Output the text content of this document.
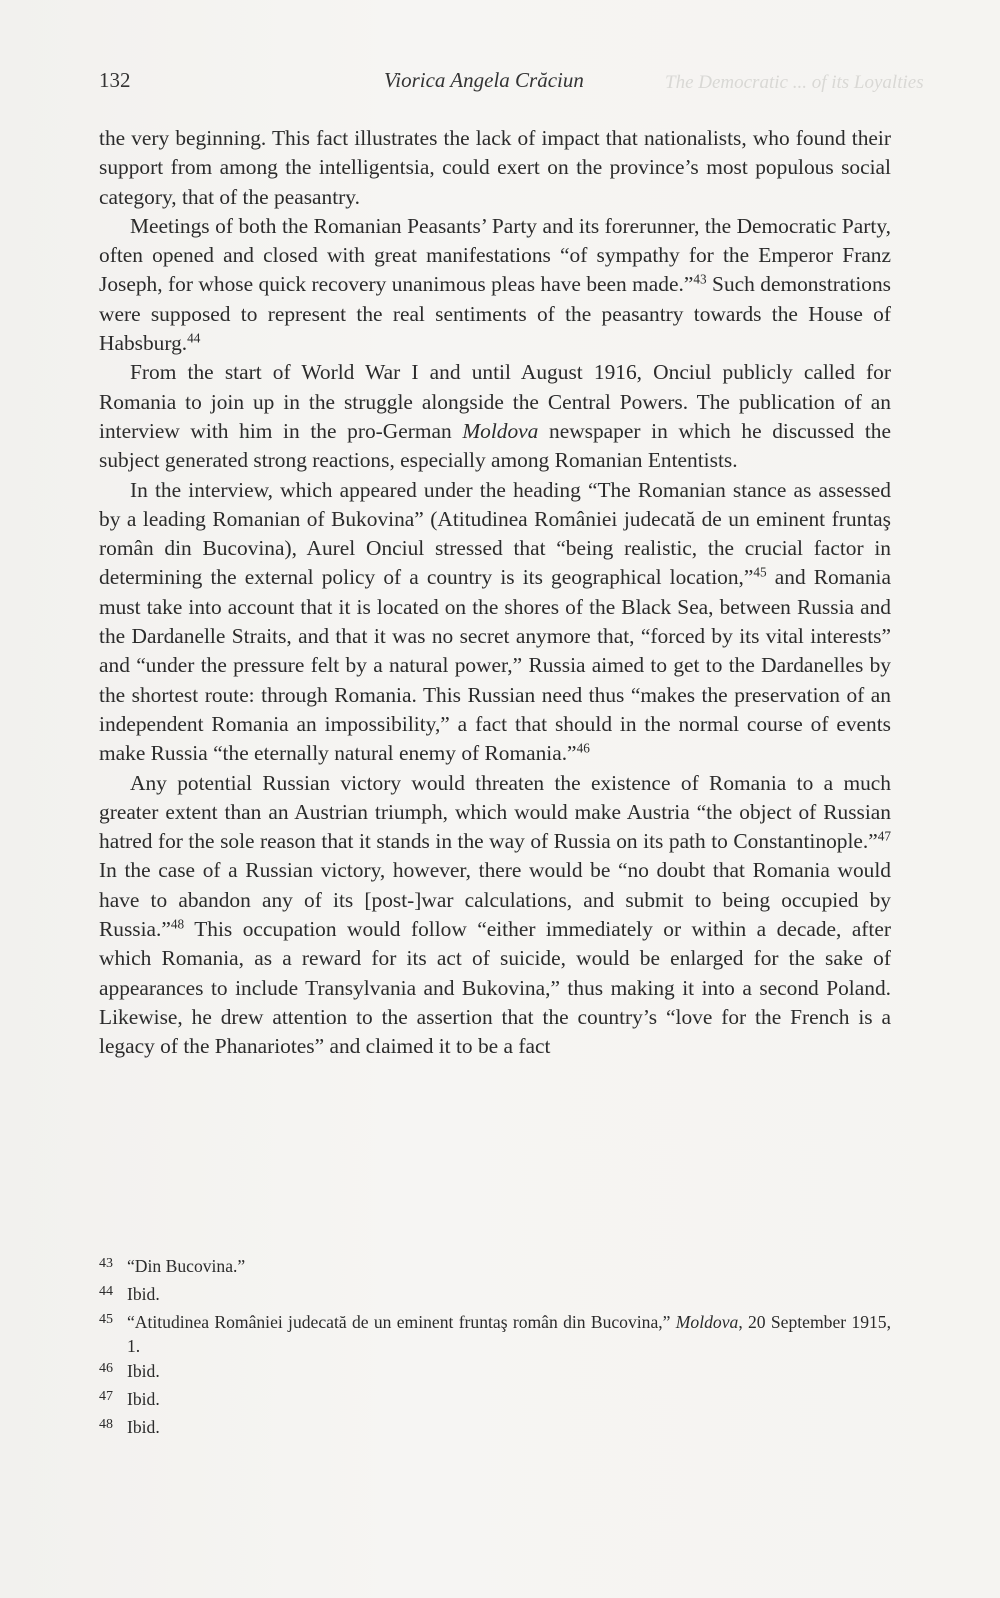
The Democratic ... of its Loyalties
132	Viorica Angela Crăciun

the very beginning. This fact illustrates the lack of impact that nationalists, who found their support from among the intelligentsia, could exert on the province’s most populous social category, that of the peasantry.

Meetings of both the Romanian Peasants’ Party and its forerunner, the Democratic Party, often opened and closed with great manifestations “of sympathy for the Emperor Franz Joseph, for whose quick recovery unanimous pleas have been made.”$^{43}$ Such demonstrations were supposed to represent the real sentiments of the peasantry towards the House of Habsburg.$^{44}$

From the start of World War I and until August 1916, Onciul publicly called for Romania to join up in the struggle alongside the Central Powers. The publication of an interview with him in the pro-German Moldova newspaper in which he discussed the subject generated strong reactions, especially among Romanian Ententists.

In the interview, which appeared under the heading “The Romanian stance as assessed by a leading Romanian of Bukovina” (Atitudinea României judecată de un eminent fruntaş român din Bucovina), Aurel Onciul stressed that “being realistic, the crucial factor in determining the external policy of a country is its geographical location,”$^{45}$ and Romania must take into account that it is located on the shores of the Black Sea, between Russia and the Dardanelle Straits, and that it was no secret anymore that, “forced by its vital interests” and “under the pressure felt by a natural power,” Russia aimed to get to the Dardanelles by the shortest route: through Romania. This Russian need thus “makes the preservation of an independent Romania an impossibility,” a fact that should in the normal course of events make Russia “the eternally natural enemy of Romania.”$^{46}$

Any potential Russian victory would threaten the existence of Romania to a much greater extent than an Austrian triumph, which would make Austria “the object of Russian hatred for the sole reason that it stands in the way of Russia on its path to Constantinople.”$^{47}$ In the case of a Russian victory, however, there would be “no doubt that Romania would have to abandon any of its [post-]war calculations, and submit to being occupied by Russia.”$^{48}$ This occupation would follow “either immediately or within a decade, after which Romania, as a reward for its act of suicide, would be enlarged for the sake of appearances to include Transylvania and Bukovina,” thus making it into a second Poland. Likewise, he drew attention to the assertion that the country’s “love for the French is a legacy of the Phanariotes” and claimed it to be a fact

43 “Din Bucovina.”
44 Ibid.
45 “Atitudinea României judecată de un eminent fruntaş român din Bucovina,” Moldova, 20 September 1915, 1.
46 Ibid.
47 Ibid.
48 Ibid.
